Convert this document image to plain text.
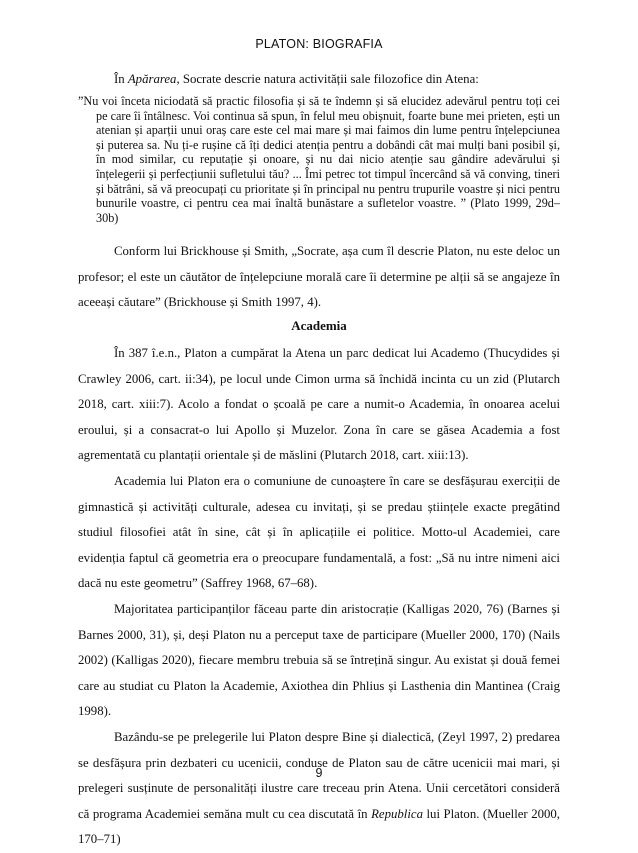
PLATON: BIOGRAFIA

În Apărarea, Socrate descrie natura activității sale filozofice din Atena:

”Nu voi înceta niciodată să practic filosofia și să te îndemn și să elucidez adevărul pentru toți cei pe care îi întâlnesc. Voi continua să spun, în felul meu obișnuit, foarte bune mei prieten, ești un atenian și aparții unui oraș care este cel mai mare și mai faimos din lume pentru înțelepciunea și puterea sa. Nu ți-e rușine că îți dedici atenția pentru a dobândi cât mai mulți bani posibil și, în mod similar, cu reputație și onoare, și nu dai nicio atenție sau gândire adevărului și înțelegerii și perfecțiunii sufletului tău? ... Îmi petrec tot timpul încercând să vă conving, tineri și bătrâni, să vă preocupați cu prioritate și în principal nu pentru trupurile voastre și nici pentru bunurile voastre, ci pentru cea mai înaltă bunăstare a sufletelor voastre. ” (Plato 1999, 29d–30b)

Conform lui Brickhouse și Smith, „Socrate, așa cum îl descrie Platon, nu este deloc un profesor; el este un căutător de înțelepciune morală care îi determine pe alții să se angajeze în aceeași căutare” (Brickhouse și Smith 1997, 4).

Academia

În 387 î.e.n., Platon a cumpărat la Atena un parc dedicat lui Academo (Thucydides și Crawley 2006, cart. ii:34), pe locul unde Cimon urma să închidă incinta cu un zid (Plutarch 2018, cart. xiii:7). Acolo a fondat o școală pe care a numit-o Academia, în onoarea acelui eroului, și a consacrat-o lui Apollo și Muzelor. Zona în care se găsea Academia a fost agrementată cu plantații orientale și de măslini (Plutarch 2018, cart. xiii:13).

Academia lui Platon era o comuniune de cunoaștere în care se desfășurau exerciții de gimnastică și activități culturale, adesea cu invitați, și se predau științele exacte pregătind studiul filosofiei atât în sine, cât și în aplicațiile ei politice. Motto-ul Academiei, care evidenția faptul că geometria era o preocupare fundamentală, a fost: „Să nu intre nimeni aici dacă nu este geometru” (Saffrey 1968, 67–68).

Majoritatea participanților făceau parte din aristocrație (Kalligas 2020, 76) (Barnes și Barnes 2000, 31), și, deși Platon nu a perceput taxe de participare (Mueller 2000, 170) (Nails 2002) (Kalligas 2020), fiecare membru trebuia să se întrețină singur. Au existat și două femei care au studiat cu Platon la Academie, Axiothea din Phlius și Lasthenia din Mantinea (Craig 1998).

Bazându-se pe prelegerile lui Platon despre Bine și dialectică, (Zeyl 1997, 2) predarea se desfășura prin dezbateri cu ucenicii, conduse de Platon sau de către ucenicii mai mari, și prelegeri susținute de personalități ilustre care treceau prin Atena. Unii cercetători consideră că programa Academiei semăna mult cu cea discutată în Republica lui Platon. (Mueller 2000, 170–71)

9
